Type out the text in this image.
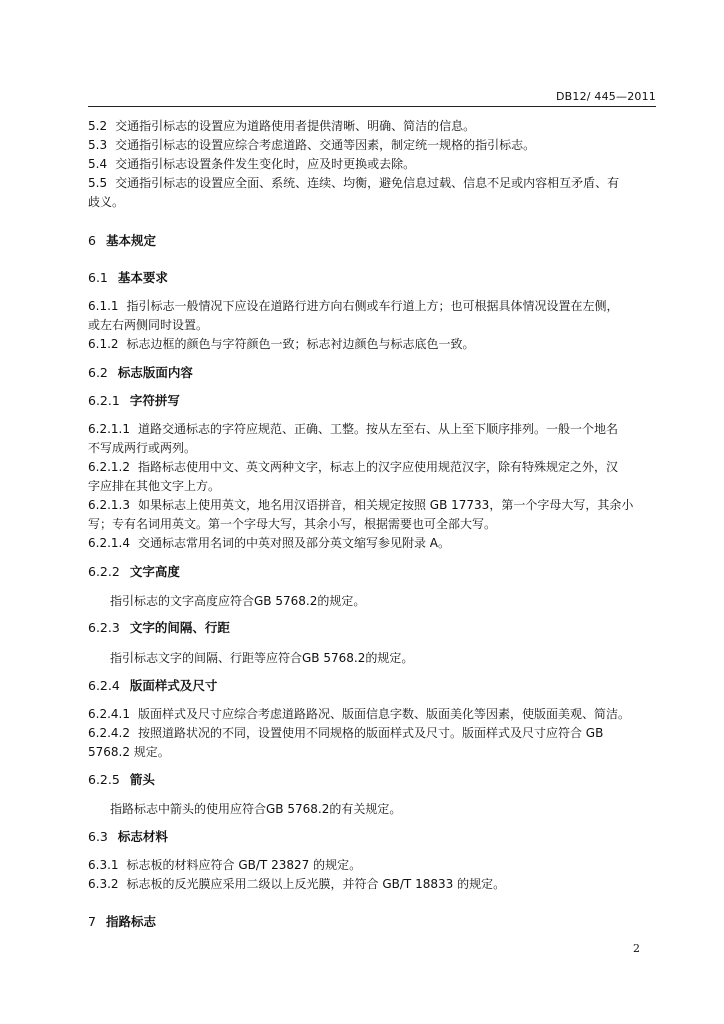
DB12/ 445—2011
5.2 交通指引标志的设置应为道路使用者提供清晰、明确、简洁的信息。
5.3 交通指引标志的设置应综合考虑道路、交通等因素，制定统一规格的指引标志。
5.4 交通指引标志设置条件发生变化时，应及时更换或去除。
5.5 交通指引标志的设置应全面、系统、连续、均衡，避免信息过载、信息不足或内容相互矛盾、有
歧义。
6 基本规定
6.1 基本要求
6.1.1 指引标志一般情况下应设在道路行进方向右侧或车行道上方；也可根据具体情况设置在左侧，
或左右两侧同时设置。
6.1.2 标志边框的颜色与字符颜色一致；标志衬边颜色与标志底色一致。
6.2 标志版面内容
6.2.1 字符拼写
6.2.1.1 道路交通标志的字符应规范、正确、工整。按从左至右、从上至下顺序排列。一般一个地名
不写成两行或两列。
6.2.1.2 指路标志使用中文、英文两种文字，标志上的汉字应使用规范汉字，除有特殊规定之外，汉
字应排在其他文字上方。
6.2.1.3 如果标志上使用英文，地名用汉语拼音，相关规定按照 GB 17733，第一个字母大写，其余小
写；专有名词用英文。第一个字母大写，其余小写，根据需要也可全部大写。
6.2.1.4 交通标志常用名词的中英对照及部分英文缩写参见附录 A。
6.2.2 文字高度
指引标志的文字高度应符合GB 5768.2的规定。
6.2.3 文字的间隔、行距
指引标志文字的间隔、行距等应符合GB 5768.2的规定。
6.2.4 版面样式及尺寸
6.2.4.1 版面样式及尺寸应综合考虑道路路况、版面信息字数、版面美化等因素，使版面美观、简洁。
6.2.4.2 按照道路状况的不同，设置使用不同规格的版面样式及尺寸。版面样式及尺寸应符合 GB
5768.2 规定。
6.2.5 箭头
指路标志中箭头的使用应符合GB 5768.2的有关规定。
6.3 标志材料
6.3.1 标志板的材料应符合 GB/T 23827 的规定。
6.3.2 标志板的反光膜应采用二级以上反光膜，并符合 GB/T 18833 的规定。
7 指路标志
2
